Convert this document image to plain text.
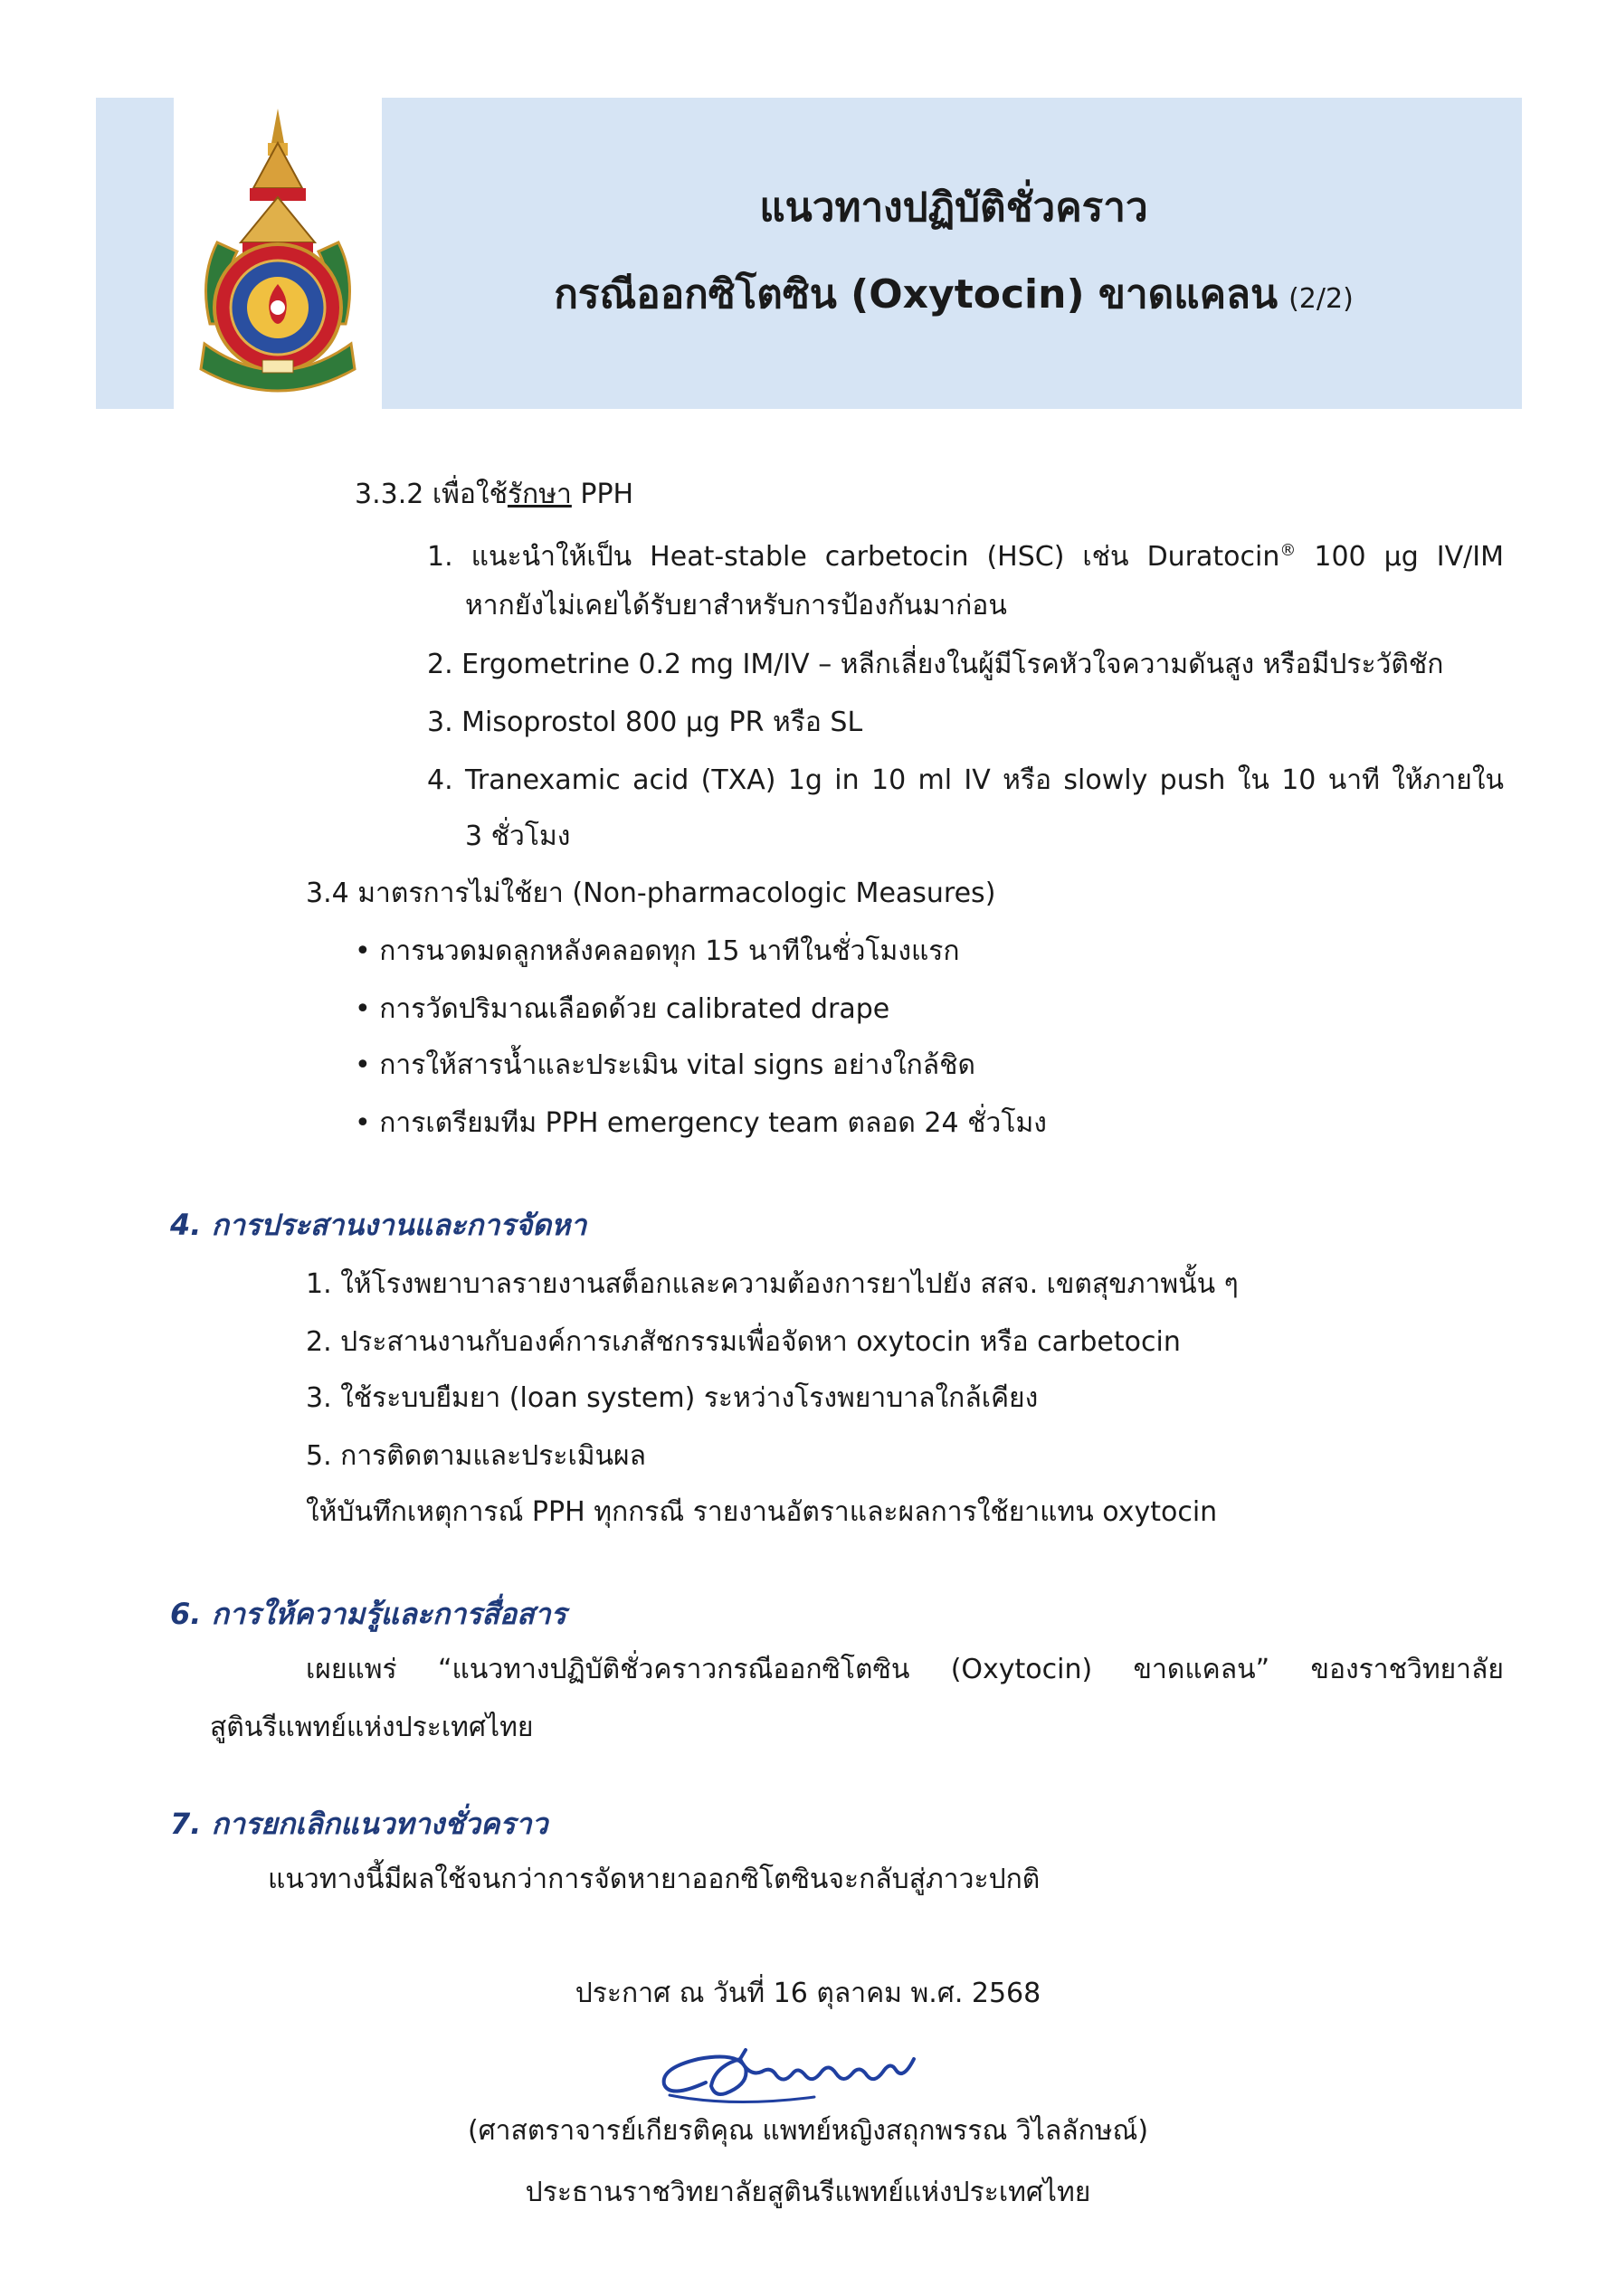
แนวทางปฏิบัติชั่วคราว
กรณีออกซิโตซิน (Oxytocin) ขาดแคลน (2/2)
3.3.2 เพื่อใช้รักษา PPH
1. แนะนำให้เป็น Heat-stable carbetocin (HSC) เช่น Duratocin® 100 µg IV/IM
หากยังไม่เคยได้รับยาสำหรับการป้องกันมาก่อน
2. Ergometrine 0.2 mg IM/IV – หลีกเลี่ยงในผู้มีโรคหัวใจความดันสูง หรือมีประวัติชัก
3. Misoprostol 800 µg PR หรือ SL
4. Tranexamic acid (TXA) 1g in 10 ml IV หรือ slowly push ใน 10 นาที ให้ภายใน
3 ชั่วโมง
3.4 มาตรการไม่ใช้ยา (Non-pharmacologic Measures)
• การนวดมดลูกหลังคลอดทุก 15 นาทีในชั่วโมงแรก
• การวัดปริมาณเลือดด้วย calibrated drape
• การให้สารน้ำและประเมิน vital signs อย่างใกล้ชิด
• การเตรียมทีม PPH emergency team ตลอด 24 ชั่วโมง
4. การประสานงานและการจัดหา
1. ให้โรงพยาบาลรายงานสต็อกและความต้องการยาไปยัง สสจ. เขตสุขภาพนั้น ๆ
2. ประสานงานกับองค์การเภสัชกรรมเพื่อจัดหา oxytocin หรือ carbetocin
3. ใช้ระบบยืมยา (loan system) ระหว่างโรงพยาบาลใกล้เคียง
5. การติดตามและประเมินผล
ให้บันทึกเหตุการณ์ PPH ทุกกรณี รายงานอัตราและผลการใช้ยาแทน oxytocin
6. การให้ความรู้และการสื่อสาร
เผยแพร่ “แนวทางปฏิบัติชั่วคราวกรณีออกซิโตซิน (Oxytocin) ขาดแคลน” ของราชวิทยาลัย
สูตินรีแพทย์แห่งประเทศไทย
7. การยกเลิกแนวทางชั่วคราว
แนวทางนี้มีผลใช้จนกว่าการจัดหายาออกซิโตซินจะกลับสู่ภาวะปกติ
ประกาศ ณ วันที่ 16 ตุลาคม พ.ศ. 2568
(ศาสตราจารย์เกียรติคุณ แพทย์หญิงสถุกพรรณ วิไลลักษณ์)
ประธานราชวิทยาลัยสูตินรีแพทย์แห่งประเทศไทย
